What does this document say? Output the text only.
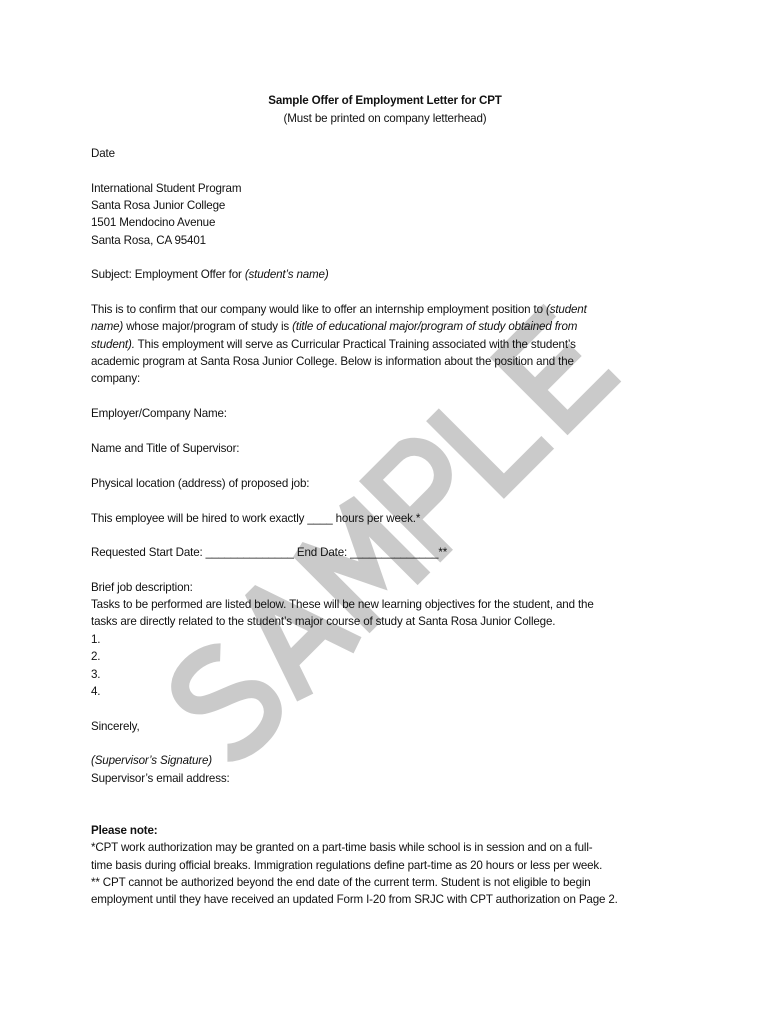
Sample Offer of Employment Letter for CPT
(Must be printed on company letterhead)
Date
International Student Program
Santa Rosa Junior College
1501 Mendocino Avenue
Santa Rosa, CA 95401
Subject: Employment Offer for (student’s name)
This is to confirm that our company would like to offer an internship employment position to (student
name) whose major/program of study is (title of educational major/program of study obtained from
student). This employment will serve as Curricular Practical Training associated with the student’s
academic program at Santa Rosa Junior College. Below is information about the position and the
company:
Employer/Company Name:
Name and Title of Supervisor:
Physical location (address) of proposed job:
This employee will be hired to work exactly ____ hours per week.*
Requested Start Date: ______________ End Date: ______________**
Brief job description:
Tasks to be performed are listed below. These will be new learning objectives for the student, and the
tasks are directly related to the student’s major course of study at Santa Rosa Junior College.
1.
2.
3.
4.
Sincerely,
(Supervisor’s Signature)
Supervisor’s email address:
Please note:
*CPT work authorization may be granted on a part-time basis while school is in session and on a full-
time basis during official breaks. Immigration regulations define part-time as 20 hours or less per week.
** CPT cannot be authorized beyond the end date of the current term. Student is not eligible to begin
employment until they have received an updated Form I-20 from SRJC with CPT authorization on Page 2.
